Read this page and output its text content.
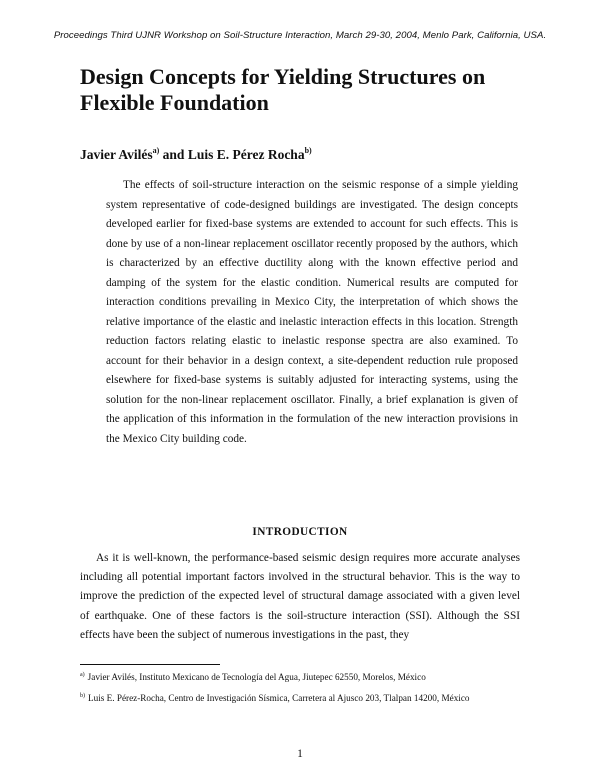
Proceedings Third UJNR Workshop on Soil-Structure Interaction, March 29-30, 2004, Menlo Park, California, USA.
Design Concepts for Yielding Structures on Flexible Foundation
Javier Avilés$^{a)}$ and Luis E. Pérez Rocha$^{b)}$

The effects of soil-structure interaction on the seismic response of a simple yielding system representative of code-designed buildings are investigated. The design concepts developed earlier for fixed-base systems are extended to account for such effects. This is done by use of a non-linear replacement oscillator recently proposed by the authors, which is characterized by an effective ductility along with the known effective period and damping of the system for the elastic condition. Numerical results are computed for interaction conditions prevailing in Mexico City, the interpretation of which shows the relative importance of the elastic and inelastic interaction effects in this location. Strength reduction factors relating elastic to inelastic response spectra are also examined. To account for their behavior in a design context, a site-dependent reduction rule proposed elsewhere for fixed-base systems is suitably adjusted for interacting systems, using the solution for the non-linear replacement oscillator. Finally, a brief explanation is given of the application of this information in the formulation of the new interaction provisions in the Mexico City building code.

INTRODUCTION

As it is well-known, the performance-based seismic design requires more accurate analyses including all potential important factors involved in the structural behavior. This is the way to improve the prediction of the expected level of structural damage associated with a given level of earthquake. One of these factors is the soil-structure interaction (SSI). Although the SSI effects have been the subject of numerous investigations in the past, they

$^{a)}$ Javier Avilés, Instituto Mexicano de Tecnología del Agua, Jiutepec 62550, Morelos, México
$^{b)}$ Luis E. Pérez-Rocha, Centro de Investigación Sísmica, Carretera al Ajusco 203, Tlalpan 14200, México
1
